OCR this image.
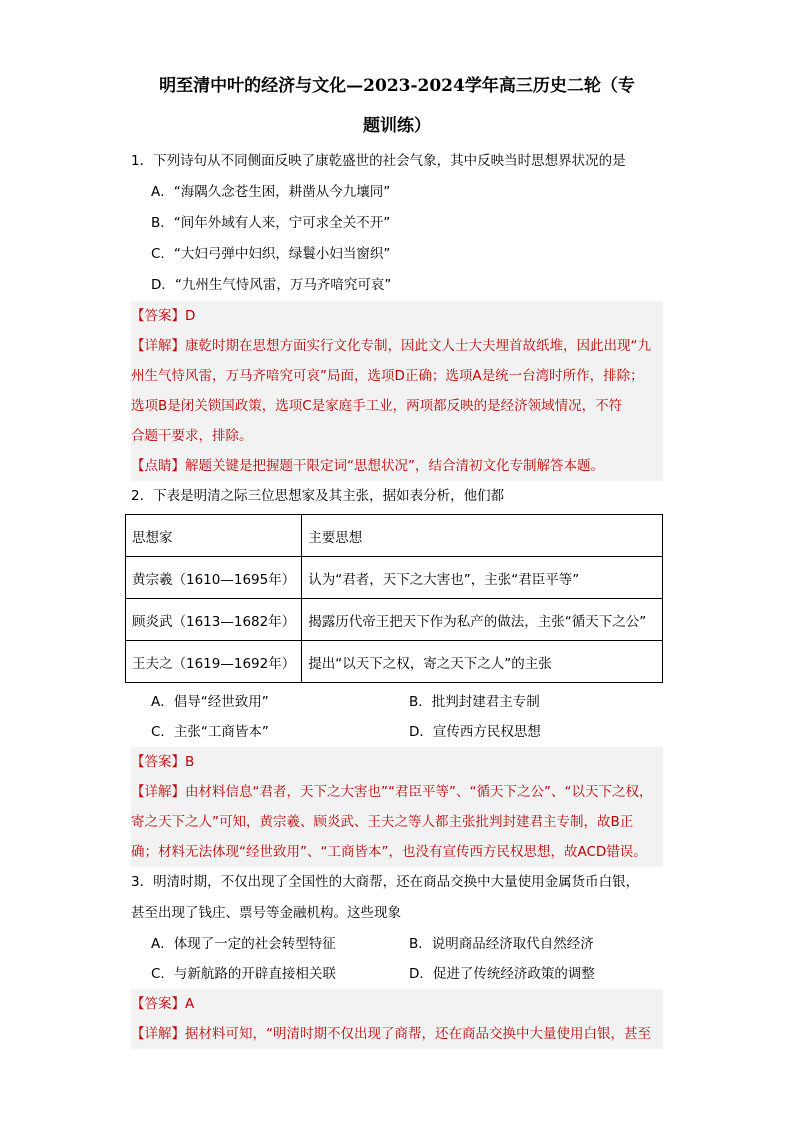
明至清中叶的经济与文化—2023-2024学年高三历史二轮（专
题训练）
1．下列诗句从不同侧面反映了康乾盛世的社会气象，其中反映当时思想界状况的是
A．“海隅久念苍生困，耕凿从今九壤同”
B．“间年外域有人来，宁可求全关不开”
C．“大妇弓弹中妇织，绿鬟小妇当窗织”
D．“九州生气恃风雷，万马齐喑究可哀”
【答案】D
【详解】康乾时期在思想方面实行文化专制，因此文人士大夫埋首故纸堆，因此出现“九
州生气恃风雷，万马齐喑究可哀”局面，选项D正确；选项A是统一台湾时所作，排除；
选项B是闭关锁国政策，选项C是家庭手工业，两项都反映的是经济领域情况，不符
合题干要求，排除。
【点睛】解题关键是把握题干限定词“思想状况”，结合清初文化专制解答本题。
2．下表是明清之际三位思想家及其主张，据如表分析，他们都
思想家	主要思想
黄宗羲（1610—1695年）	认为“君者，天下之大害也”，主张“君臣平等”
顾炎武（1613—1682年）	揭露历代帝王把天下作为私产的做法，主张“循天下之公”
王夫之（1619—1692年）	提出“以天下之权，寄之天下之人”的主张
A．倡导“经世致用”	B．批判封建君主专制
C．主张“工商皆本”	D．宣传西方民权思想
【答案】B
【详解】由材料信息“君者，天下之大害也”“君臣平等”、“循天下之公”、“以天下之权，
寄之天下之人”可知，黄宗羲、顾炎武、王夫之等人都主张批判封建君主专制，故B正
确；材料无法体现“经世致用”、“工商皆本”，也没有宣传西方民权思想，故ACD错误。
3．明清时期，不仅出现了全国性的大商帮，还在商品交换中大量使用金属货币白银，
甚至出现了钱庄、票号等金融机构。这些现象
A．体现了一定的社会转型特征	B．说明商品经济取代自然经济
C．与新航路的开辟直接相关联	D．促进了传统经济政策的调整
【答案】A
【详解】据材料可知，“明清时期不仅出现了商帮，还在商品交换中大量使用白银，甚至
